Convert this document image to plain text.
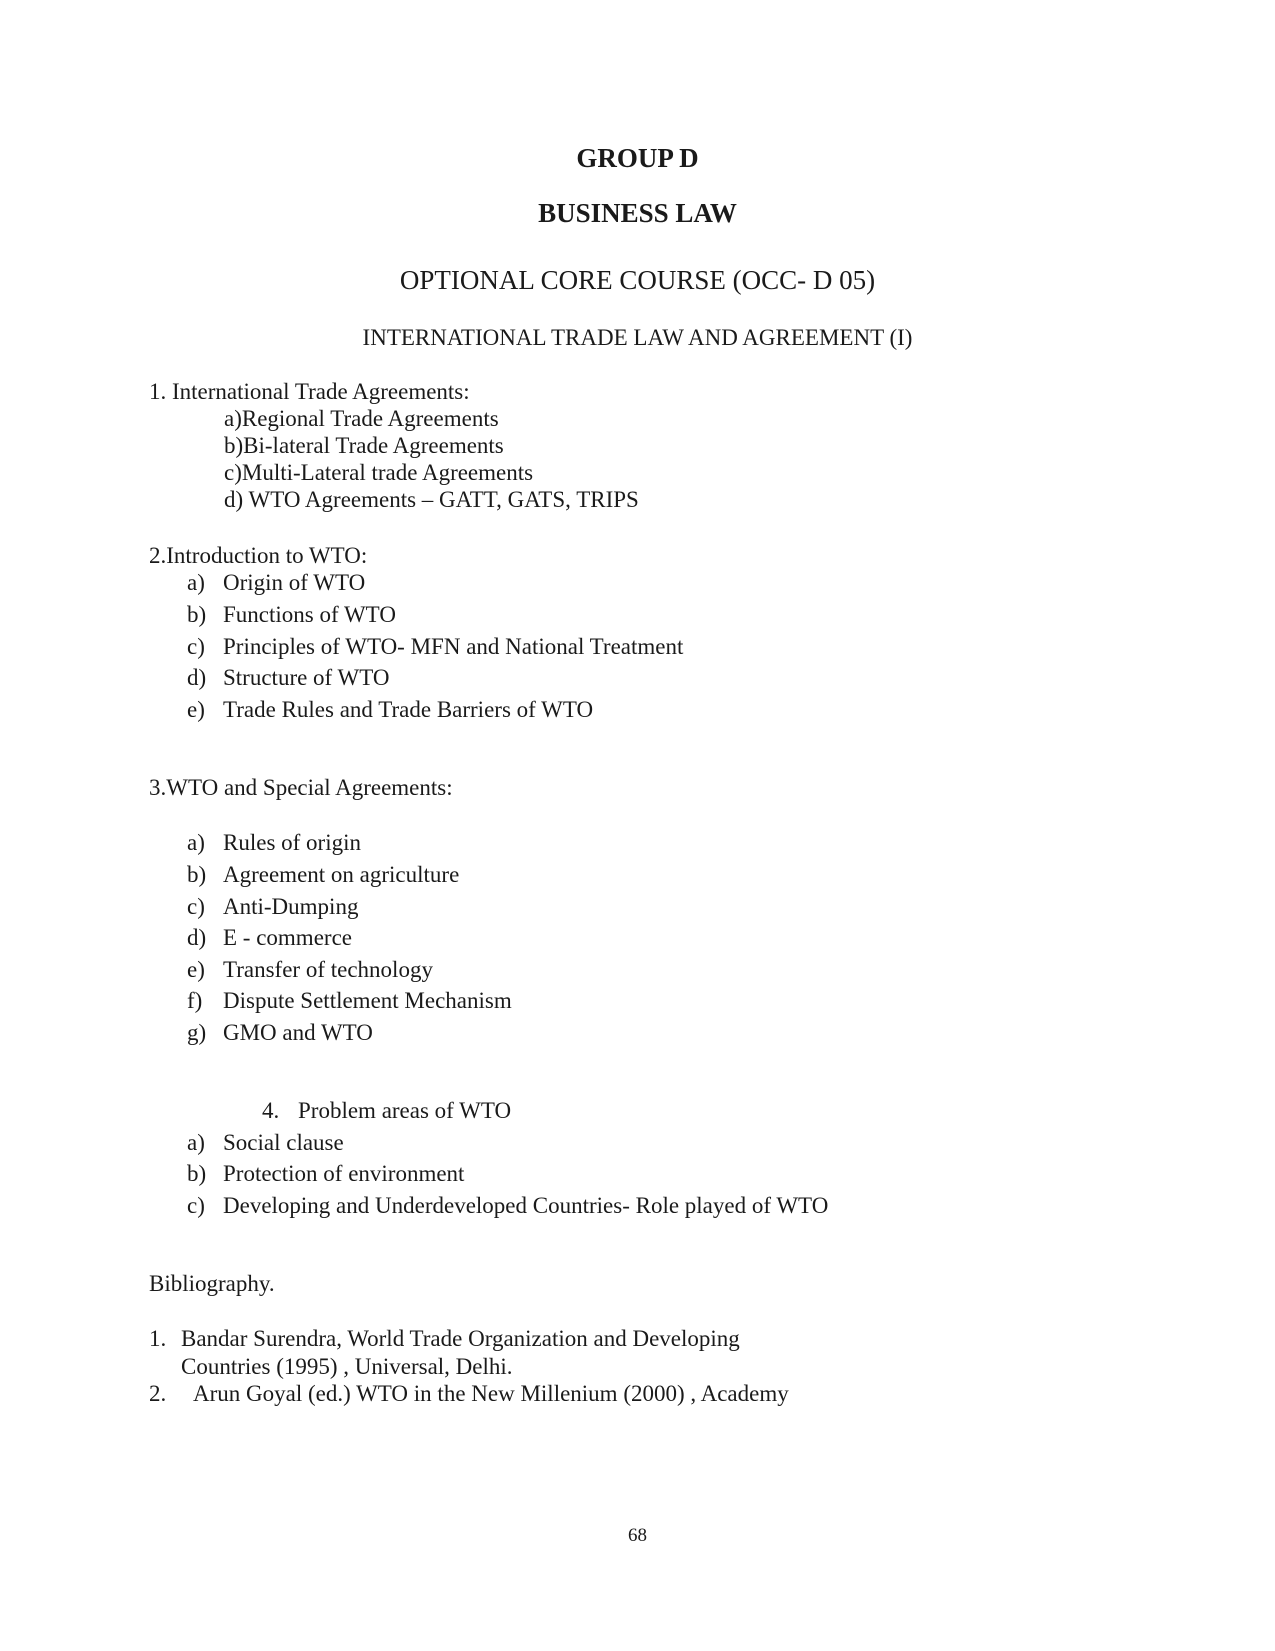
GROUP D
BUSINESS LAW
OPTIONAL CORE COURSE (OCC- D 05)
INTERNATIONAL TRADE LAW AND AGREEMENT (I)
1. International Trade Agreements:
a)Regional Trade Agreements
b)Bi-lateral Trade Agreements
c)Multi-Lateral trade Agreements
d) WTO Agreements – GATT, GATS, TRIPS
2.Introduction to WTO:
a) Origin of WTO
b) Functions of WTO
c) Principles of WTO- MFN and National Treatment
d) Structure of WTO
e) Trade Rules and Trade Barriers of WTO
3.WTO and Special Agreements:
a) Rules of origin
b) Agreement on agriculture
c) Anti-Dumping
d) E - commerce
e) Transfer of technology
f) Dispute Settlement Mechanism
g) GMO and WTO
4. Problem areas of WTO
a) Social clause
b) Protection of environment
c) Developing and Underdeveloped Countries- Role played of WTO
Bibliography.
1. Bandar Surendra, World Trade Organization and Developing
Countries (1995) , Universal, Delhi.
2. Arun Goyal (ed.) WTO in the New Millenium (2000) , Academy
68
